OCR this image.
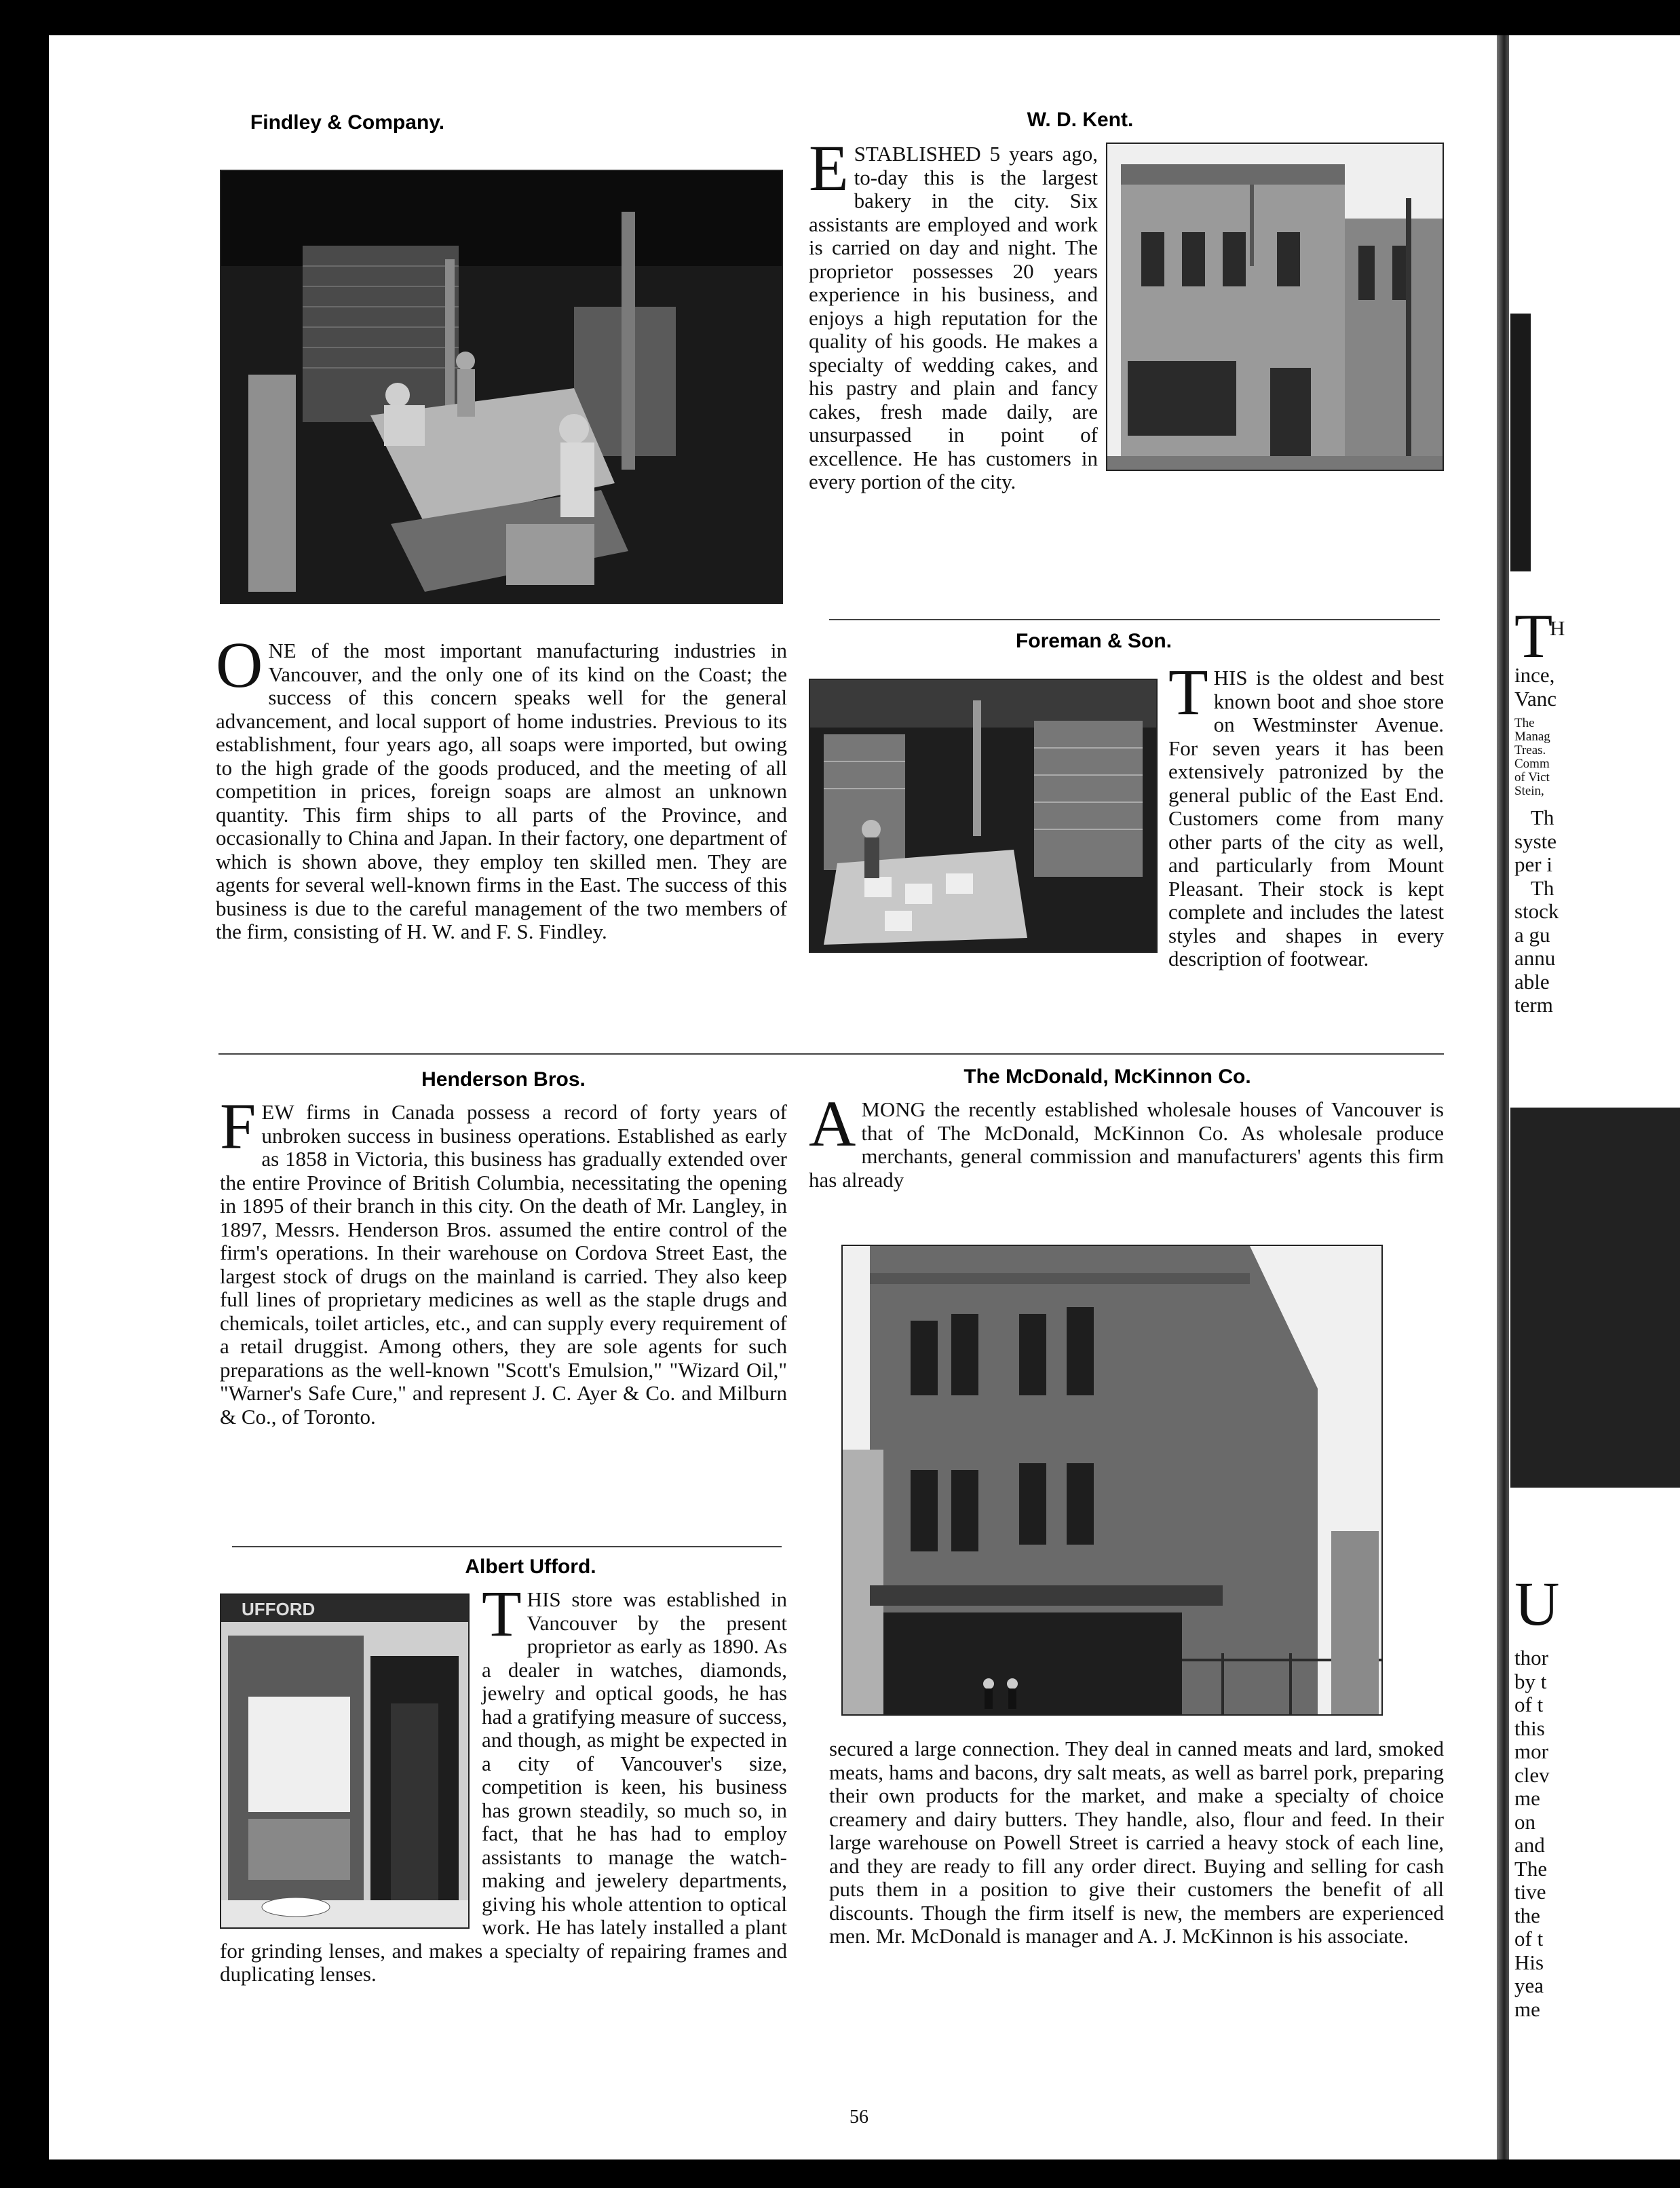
Findley & Company.

ONE of the most important manufacturing industries in Vancouver, and the only one of its kind on the Coast; the success of this concern speaks well for the general advancement, and local support of home industries. Previous to its establishment, four years ago, all soaps were imported, but owing to the high grade of the goods produced, and the meeting of all competition in prices, foreign soaps are almost an unknown quantity. This firm ships to all parts of the Province, and occasionally to China and Japan. In their factory, one department of which is shown above, they employ ten skilled men. They are agents for several well-known firms in the East. The success of this business is due to the careful management of the two members of the firm, consisting of H. W. and F. S. Findley.

W. D. Kent.
ESTABLISHED 5 years ago, to-day this is the largest bakery in the city. Six assistants are employed and work is carried on day and night. The proprietor possesses 20 years experience in his business, and enjoys a high reputation for the quality of his goods. He makes a specialty of wedding cakes, and his pastry and plain and fancy cakes, fresh made daily, are unsurpassed in point of excellence. He has customers in every portion of the city.
Foreman & Son.
THIS is the oldest and best known boot and shoe store on Westminster Avenue. For seven years it has been extensively patronized by the general public of the East End. Customers come from many other parts of the city as well, and particularly from Mount Pleasant. Their stock is kept complete and includes the latest styles and shapes in every description of footwear.
Henderson Bros.

FEW firms in Canada possess a record of forty years of unbroken success in business operations. Established as early as 1858 in Victoria, this business has gradually extended over the entire Province of British Columbia, necessitating the opening in 1895 of their branch in this city. On the death of Mr. Langley, in 1897, Messrs. Henderson Bros. assumed the entire control of the firm's operations. In their warehouse on Cordova Street East, the largest stock of drugs on the mainland is carried. They also keep full lines of proprietary medicines as well as the staple drugs and chemicals, toilet articles, etc., and can supply every requirement of a retail druggist. Among others, they are sole agents for such preparations as the well-known "Scott's Emulsion," "Wizard Oil," "Warner's Safe Cure," and represent J. C. Ayer & Co. and Milburn & Co., of Toronto.

Albert Ufford.
UFFORD	T HIS store was established in Vancouver by the present proprietor as early as 1890. As a dealer in watches, diamonds, jewelry and optical goods, he has had a gratifying measure of success, and though, as might be expected in a city of Vancouver's size, competition is keen, his business has grown steadily, so much so, in fact, that he has had to employ assistants to manage the watch-making and jewelery departments, giving his whole attention to optical work. He has lately installed a plant for grinding lenses, and makes a specialty of repairing frames and duplicating lenses.
The McDonald, McKinnon Co.

AMONG the recently established wholesale houses of Vancouver is that of The McDonald, McKinnon Co. As wholesale produce merchants, general commission and manufacturers' agents this firm has already

secured a large connection. They deal in canned meats and lard, smoked meats, hams and bacons, dry salt meats, as well as barrel pork, preparing their own products for the market, and make a specialty of choice creamery and dairy butters. They handle, also, flour and feed. In their large warehouse on Powell Street is carried a heavy stock of each line, and they are ready to fill any order direct. Buying and selling for cash puts them in a position to give their customers the benefit of all discounts. Though the firm itself is new, the members are experienced men. Mr. McDonald is manager and A. J. McKinnon is his associate.

56

T
H
ince,
Vanc
The
Manag
Treas.
Comm
of Vict
Stein,
Th
syste
per i
Th
stock
a gu
annu
able
term
U
thor
by t
of t
this
mor
clev
me
on
and
The
tive
the
of t
His
yea
me
